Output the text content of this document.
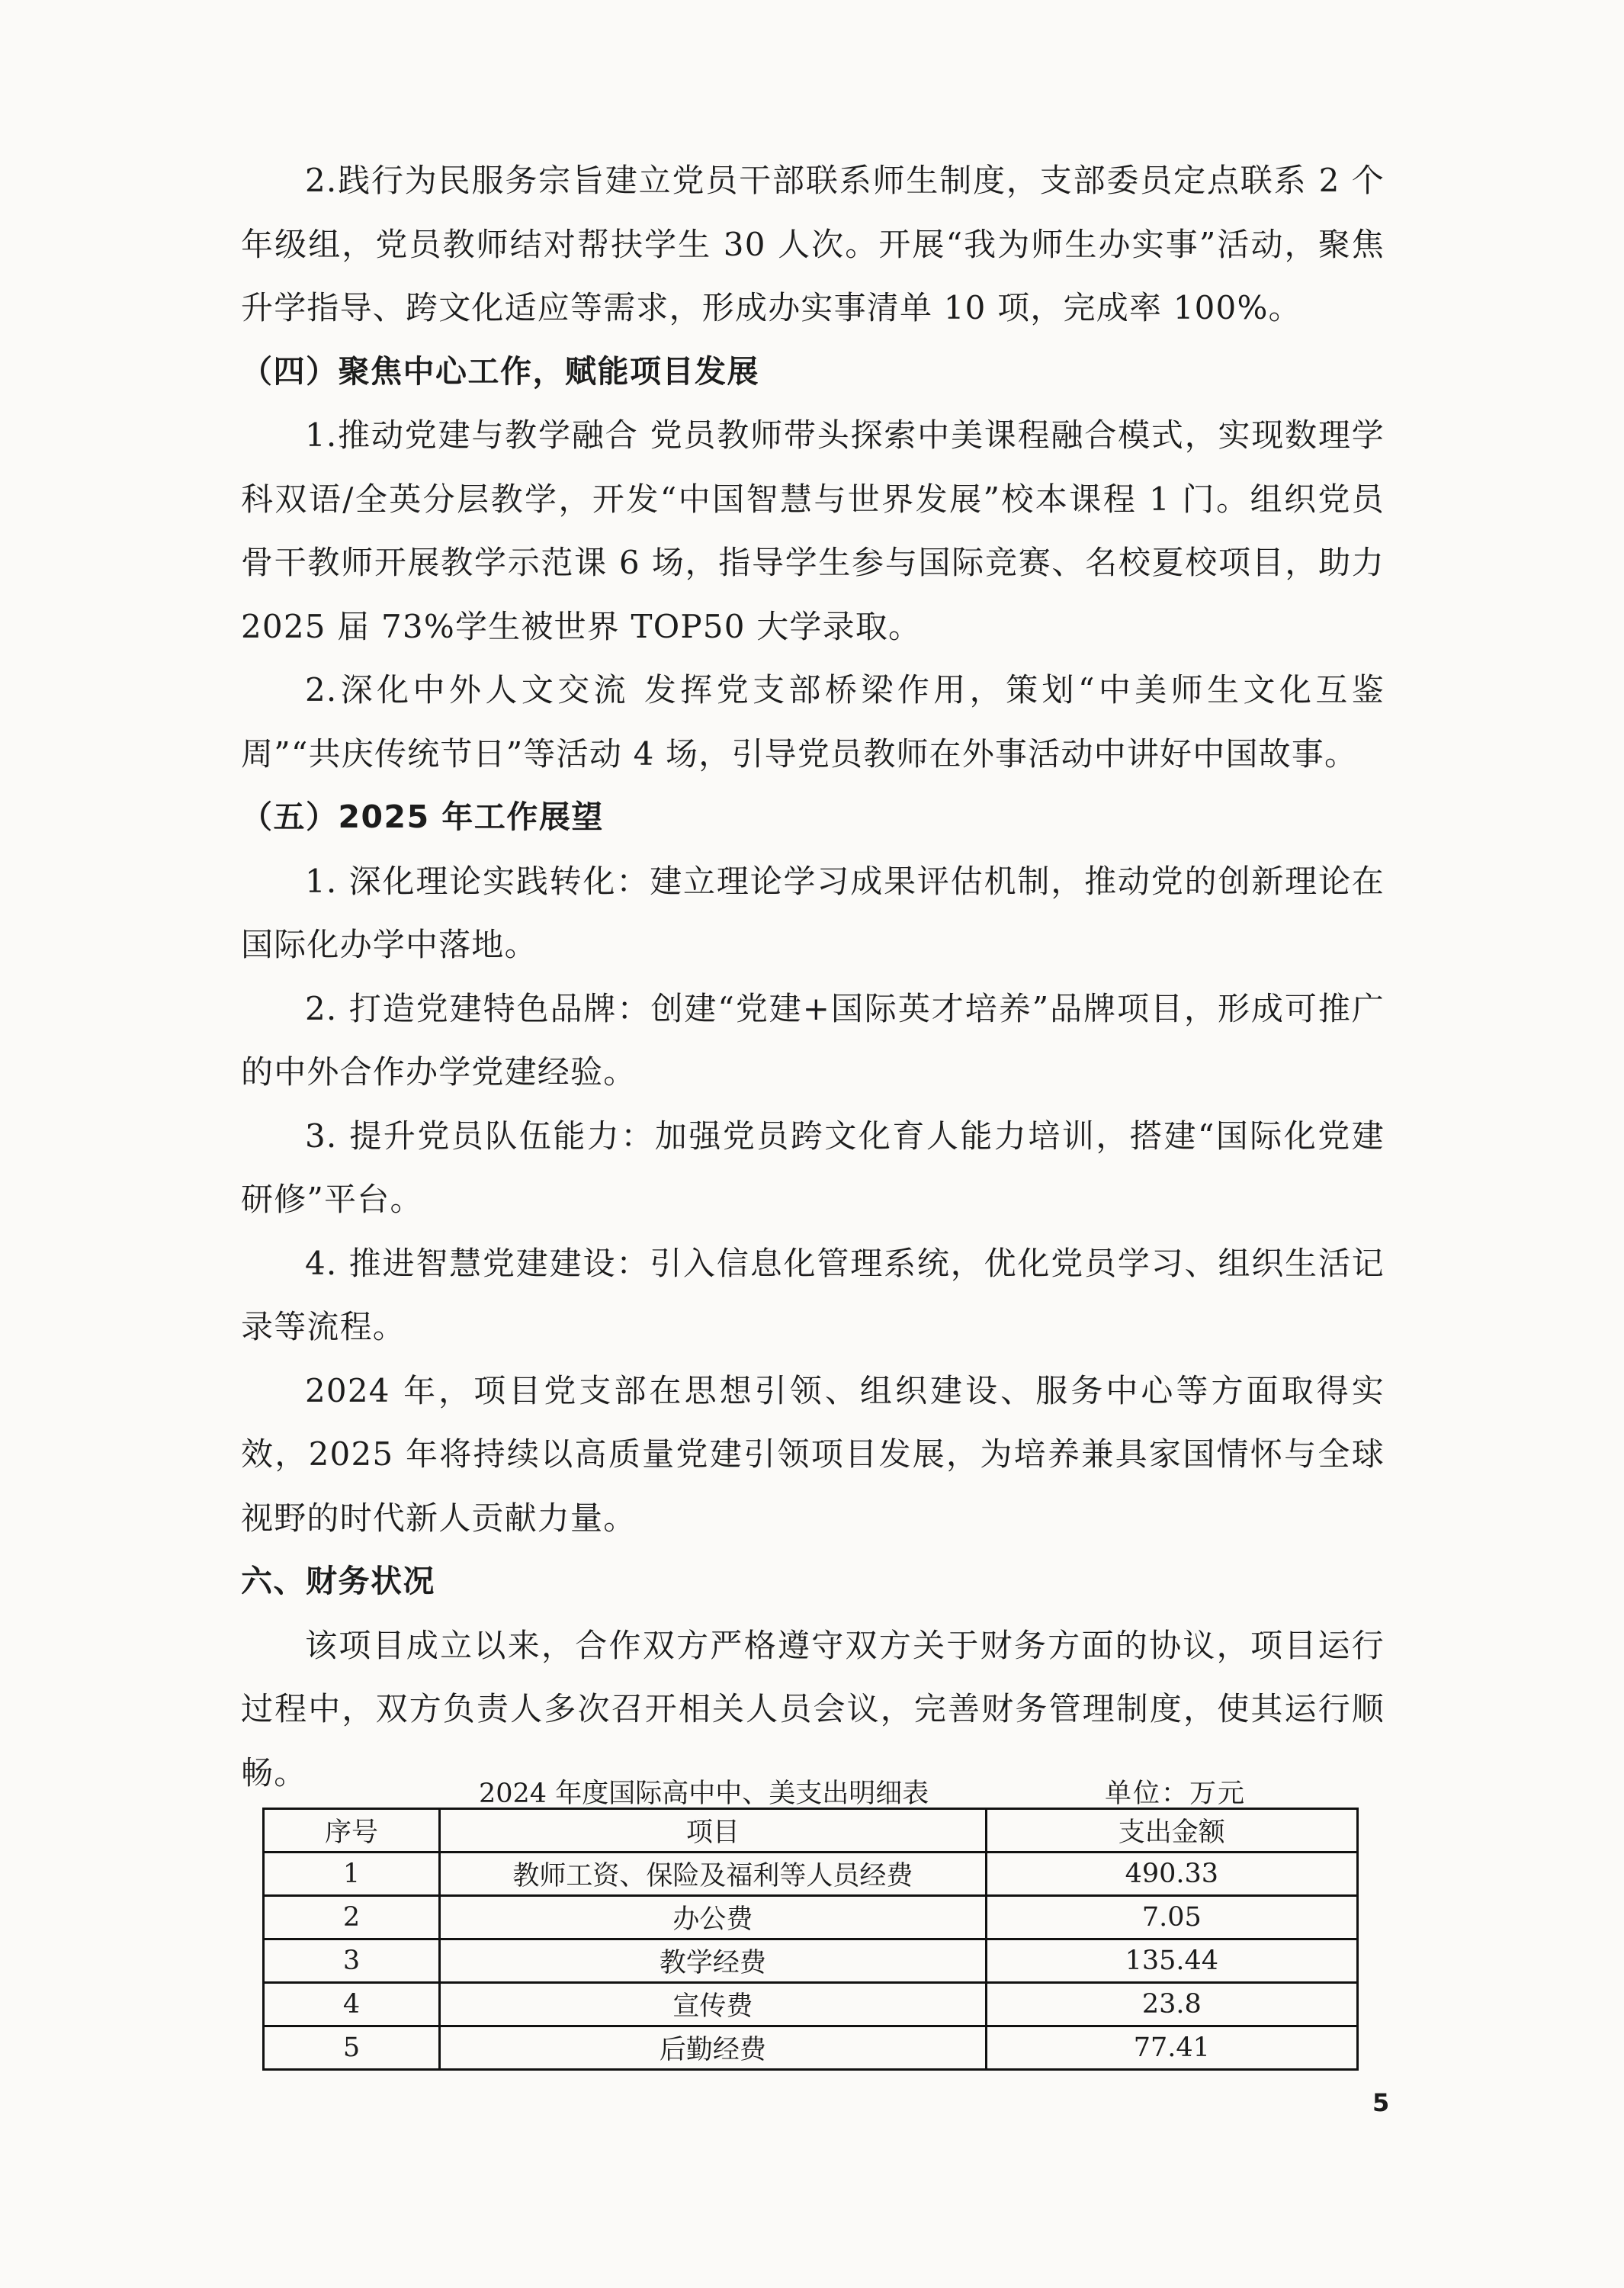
2.践行为民服务宗旨建立党员干部联系师生制度，支部委员定点联系 2 个年级组，党员教师结对帮扶学生 30 人次。开展“我为师生办实事”活动，聚焦升学指导、跨文化适应等需求，形成办实事清单 10 项，完成率 100%。

（四）聚焦中心工作，赋能项目发展

1.推动党建与教学融合 党员教师带头探索中美课程融合模式，实现数理学科双语/全英分层教学，开发“中国智慧与世界发展”校本课程 1 门。组织党员骨干教师开展教学示范课 6 场，指导学生参与国际竞赛、名校夏校项目，助力 2025 届 73%学生被世界 TOP50 大学录取。

2.深化中外人文交流 发挥党支部桥梁作用，策划“中美师生文化互鉴周”“共庆传统节日”等活动 4 场，引导党员教师在外事活动中讲好中国故事。

（五）2025 年工作展望

1. 深化理论实践转化：建立理论学习成果评估机制，推动党的创新理论在国际化办学中落地。

2. 打造党建特色品牌：创建“党建+国际英才培养”品牌项目，形成可推广的中外合作办学党建经验。

3. 提升党员队伍能力：加强党员跨文化育人能力培训，搭建“国际化党建研修”平台。

4. 推进智慧党建建设：引入信息化管理系统，优化党员学习、组织生活记录等流程。

2024 年，项目党支部在思想引领、组织建设、服务中心等方面取得实效，2025 年将持续以高质量党建引领项目发展，为培养兼具家国情怀与全球视野的时代新人贡献力量。

六、财务状况

该项目成立以来，合作双方严格遵守双方关于财务方面的协议，项目运行过程中，双方负责人多次召开相关人员会议，完善财务管理制度，使其运行顺畅。

2024 年度国际高中中、美支出明细表	单位：万元
序号	项目	支出金额
1	教师工资、保险及福利等人员经费	490.33
2	办公费	7.05
3	教学经费	135.44
4	宣传费	23.8
5	后勤经费	77.41
5
